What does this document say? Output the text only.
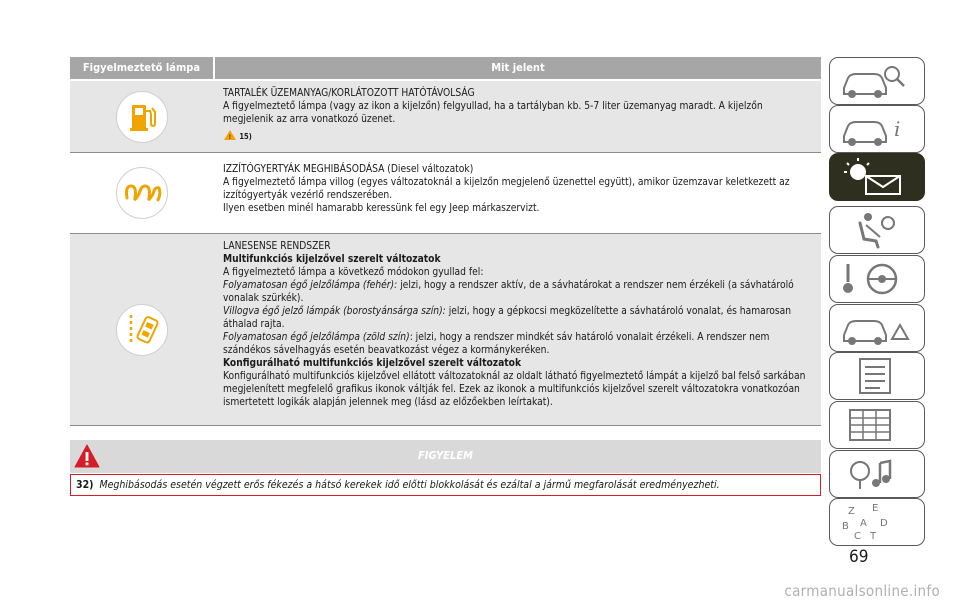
Figyelmeztető lámpa	Mit jelent

TARTALÉK ÜZEMANYAG/KORLÁTOZOTT HATÓTÁVOLSÁG

A figyelmeztető lámpa (vagy az ikon a kijelzőn) felgyullad, ha a tartályban kb. 5-7 liter üzemanyag maradt. A kijelzőn megjelenik az arra vonatkozó üzenet.

! 15)

IZZÍTÓGYERTYÁK MEGHIBÁSODÁSA (Diesel változatok)

A figyelmeztető lámpa villog (egyes változatoknál a kijelzőn megjelenő üzenettel együtt), amikor üzemzavar keletkezett az izzítógyertyák vezérlő rendszerében.

Ilyen esetben minél hamarabb keressünk fel egy Jeep márkaszervizt.

LANESENSE RENDSZER

Multifunkciós kijelzővel szerelt változatok

A figyelmeztető lámpa a következő módokon gyullad fel:

Folyamatosan égő jelzőlámpa (fehér): jelzi, hogy a rendszer aktív, de a sávhatárokat a rendszer nem érzékeli (a sávhatároló vonalak szürkék).

Villogva égő jelző lámpák (borostyánsárga szín): jelzi, hogy a gépkocsi megközelítette a sávhatároló vonalat, és hamarosan áthalad rajta.

Folyamatosan égő jelzőlámpa (zöld szín): jelzi, hogy a rendszer mindkét sáv határoló vonalait érzékeli. A rendszer nem szándékos sávelhagyás esetén beavatkozást végez a kormánykeréken.

Konfigurálható multifunkciós kijelzővel szerelt változatok

Konfigurálható multifunkciós kijelzővel ellátott változatoknál az oldalt látható figyelmeztető lámpát a kijelző bal felső sarkában megjelenített megfelelő grafikus ikonok váltják fel. Ezek az ikonok a multifunkciós kijelzővel szerelt változatokra vonatkozóan ismertetett logikák alapján jelennek meg (lásd az előzőekben leírtakat).

FIGYELEM
32) Meghibásodás esetén végzett erős fékezés a hátsó kerekek idő előtti blokkolását és ezáltal a jármű megfarolását eredményezheti.
i
Z E
B A D
C T
69
carmanualsonline.info
